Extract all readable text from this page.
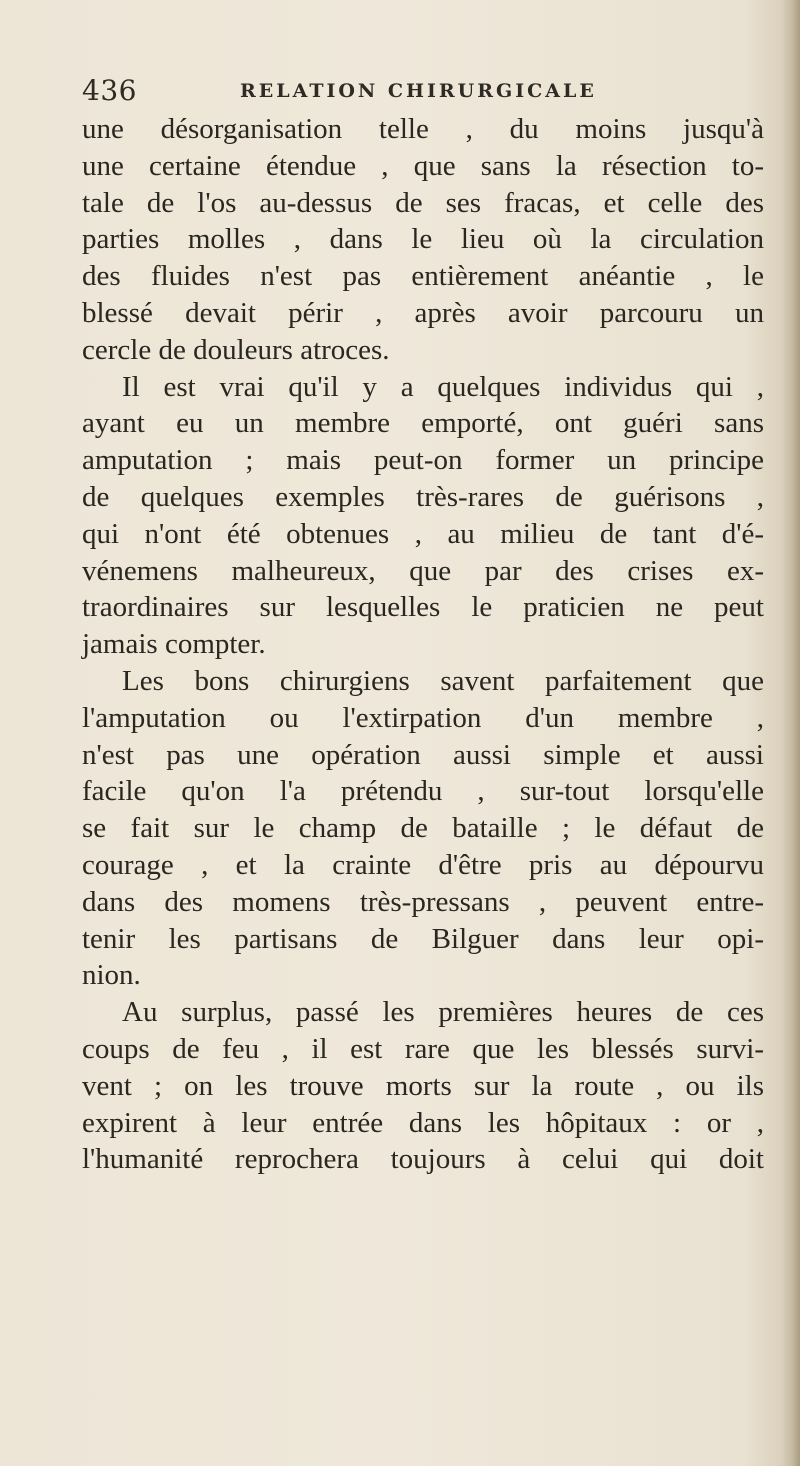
436	RELATION CHIRURGICALE
une désorganisation telle , du moins jusqu'à
une certaine étendue , que sans la résection to-
tale de l'os au-dessus de ses fracas, et celle des
parties molles , dans le lieu où la circulation
des fluides n'est pas entièrement anéantie , le
blessé devait périr , après avoir parcouru un
cercle de douleurs atroces.
Il est vrai qu'il y a quelques individus qui ,
ayant eu un membre emporté, ont guéri sans
amputation ; mais peut-on former un principe
de quelques exemples très-rares de guérisons ,
qui n'ont été obtenues , au milieu de tant d'é-
vénemens malheureux, que par des crises ex-
traordinaires sur lesquelles le praticien ne peut
jamais compter.
Les bons chirurgiens savent parfaitement que
l'amputation ou l'extirpation d'un membre ,
n'est pas une opération aussi simple et aussi
facile qu'on l'a prétendu , sur-tout lorsqu'elle
se fait sur le champ de bataille ; le défaut de
courage , et la crainte d'être pris au dépourvu
dans des momens très-pressans , peuvent entre-
tenir les partisans de Bilguer dans leur opi-
nion.
Au surplus, passé les premières heures de ces
coups de feu , il est rare que les blessés survi-
vent ; on les trouve morts sur la route , ou ils
expirent à leur entrée dans les hôpitaux : or ,
l'humanité reprochera toujours à celui qui doit
